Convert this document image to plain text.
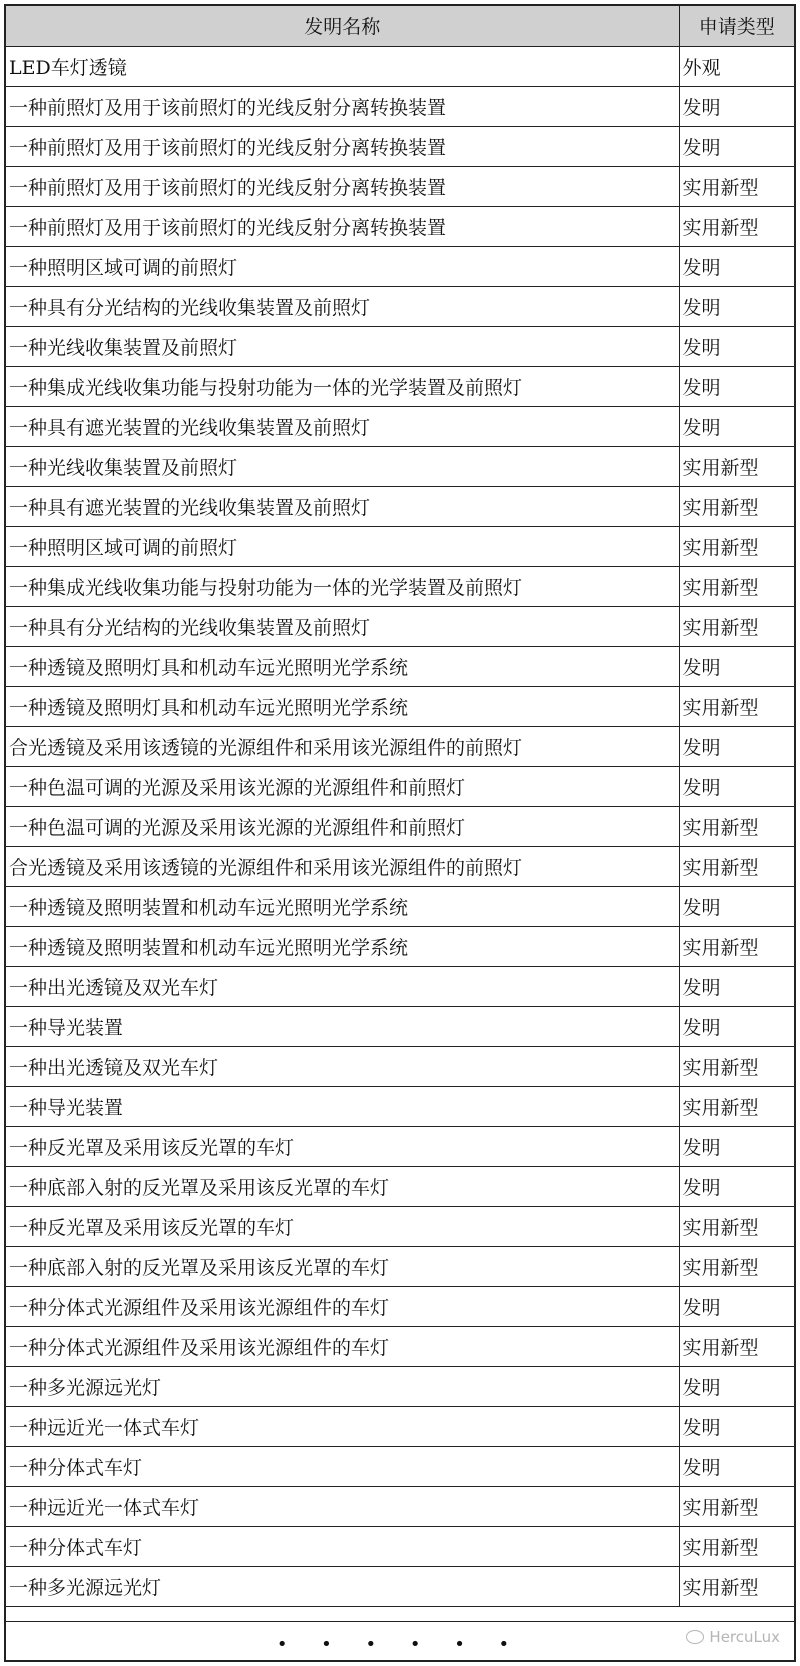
发明名称	申请类型
LED车灯透镜	外观
一种前照灯及用于该前照灯的光线反射分离转换装置	发明
一种前照灯及用于该前照灯的光线反射分离转换装置	发明
一种前照灯及用于该前照灯的光线反射分离转换装置	实用新型
一种前照灯及用于该前照灯的光线反射分离转换装置	实用新型
一种照明区域可调的前照灯	发明
一种具有分光结构的光线收集装置及前照灯	发明
一种光线收集装置及前照灯	发明
一种集成光线收集功能与投射功能为一体的光学装置及前照灯	发明
一种具有遮光装置的光线收集装置及前照灯	发明
一种光线收集装置及前照灯	实用新型
一种具有遮光装置的光线收集装置及前照灯	实用新型
一种照明区域可调的前照灯	实用新型
一种集成光线收集功能与投射功能为一体的光学装置及前照灯	实用新型
一种具有分光结构的光线收集装置及前照灯	实用新型
一种透镜及照明灯具和机动车远光照明光学系统	发明
一种透镜及照明灯具和机动车远光照明光学系统	实用新型
合光透镜及采用该透镜的光源组件和采用该光源组件的前照灯	发明
一种色温可调的光源及采用该光源的光源组件和前照灯	发明
一种色温可调的光源及采用该光源的光源组件和前照灯	实用新型
合光透镜及采用该透镜的光源组件和采用该光源组件的前照灯	实用新型
一种透镜及照明装置和机动车远光照明光学系统	发明
一种透镜及照明装置和机动车远光照明光学系统	实用新型
一种出光透镜及双光车灯	发明
一种导光装置	发明
一种出光透镜及双光车灯	实用新型
一种导光装置	实用新型
一种反光罩及采用该反光罩的车灯	发明
一种底部入射的反光罩及采用该反光罩的车灯	发明
一种反光罩及采用该反光罩的车灯	实用新型
一种底部入射的反光罩及采用该反光罩的车灯	实用新型
一种分体式光源组件及采用该光源组件的车灯	发明
一种分体式光源组件及采用该光源组件的车灯	实用新型
一种多光源远光灯	发明
一种远近光一体式车灯	发明
一种分体式车灯	发明
一种远近光一体式车灯	实用新型
一种分体式车灯	实用新型
一种多光源远光灯	实用新型
• • • • • •	HercuLux
